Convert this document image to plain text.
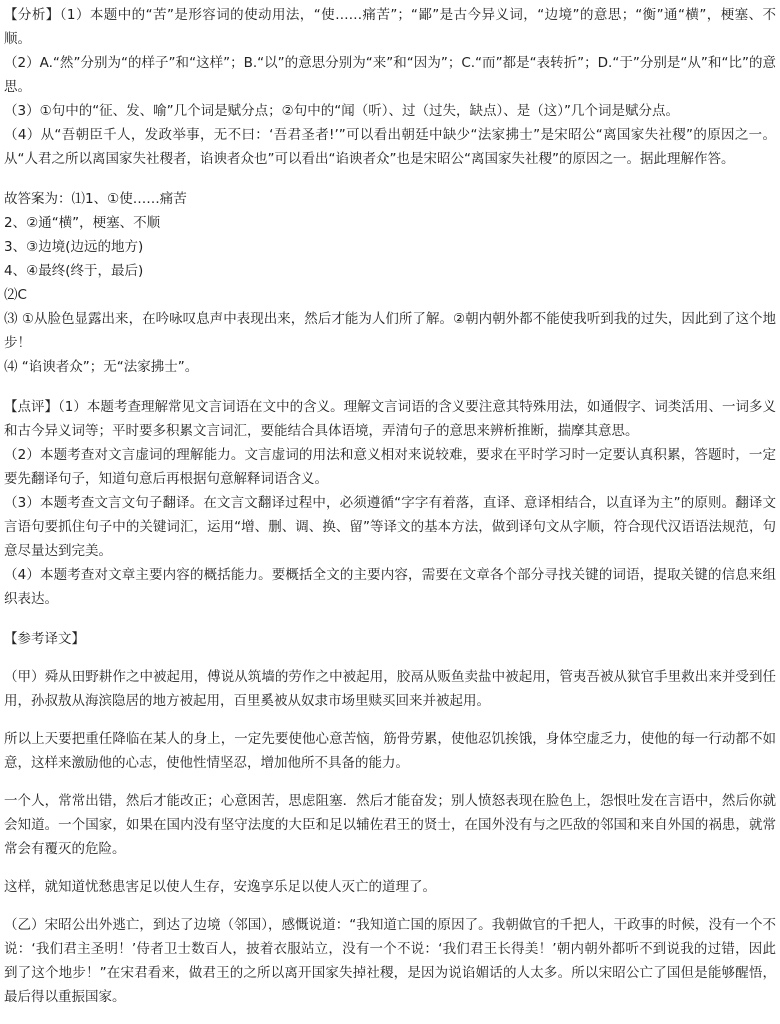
【分析】（1）本题中的“苦”是形容词的使动用法，“使……痛苦”；“鄙”是古今异义词，“边境”的意思；“衡”通“横”，梗塞、不顺。

（2）A.“然”分别为“的样子”和“这样”；B.“以”的意思分别为“来”和“因为”；C.“而”都是“表转折”；D.“于”分别是“从”和“比”的意思。

（3）①句中的“征、发、喻”几个词是赋分点；②句中的“闻（听）、过（过失，缺点）、是（这）”几个词是赋分点。

（4）从“吾朝臣千人，发政举事，无不曰：‘吾君圣者!’”可以看出朝廷中缺少“法家拂士”是宋昭公“离国家失社稷”的原因之一。从“人君之所以离国家失社稷者，谄谀者众也”可以看出“谄谀者众”也是宋昭公“离国家失社稷”的原因之一。据此理解作答。

故答案为：⑴1、①使……痛苦

2、②通“横”，梗塞、不顺

3、③边境(边远的地方)

4、④最终(终于，最后)

⑵C

⑶ ①从脸色显露出来，在吟咏叹息声中表现出来，然后才能为人们所了解。②朝内朝外都不能使我听到我的过失，因此到了这个地步！

⑷ “谄谀者众”；无“法家拂士”。

【点评】（1）本题考查理解常见文言词语在文中的含义。理解文言词语的含义要注意其特殊用法，如通假字、词类活用、一词多义和古今异义词等；平时要多积累文言词汇，要能结合具体语境，弄清句子的意思来辨析推断，揣摩其意思。

（2）本题考查对文言虚词的理解能力。文言虚词的用法和意义相对来说较难，要求在平时学习时一定要认真积累，答题时，一定要先翻译句子，知道句意后再根据句意解释词语含义。

（3）本题考查文言文句子翻译。在文言文翻译过程中，必须遵循“字字有着落，直译、意译相结合，以直译为主”的原则。翻译文言语句要抓住句子中的关键词汇，运用“增、删、调、换、留”等译文的基本方法，做到译句文从字顺，符合现代汉语语法规范，句意尽量达到完美。

（4）本题考查对文章主要内容的概括能力。要概括全文的主要内容，需要在文章各个部分寻找关键的词语，提取关键的信息来组织表达。

【参考译文】

（甲）舜从田野耕作之中被起用，傅说从筑墙的劳作之中被起用，胶鬲从贩鱼卖盐中被起用，管夷吾被从狱官手里救出来并受到任用，孙叔敖从海滨隐居的地方被起用，百里奚被从奴隶市场里赎买回来并被起用。

所以上天要把重任降临在某人的身上，一定先要使他心意苦恼，筋骨劳累，使他忍饥挨饿，身体空虚乏力，使他的每一行动都不如意，这样来激励他的心志，使他性情坚忍，增加他所不具备的能力。

一个人，常常出错，然后才能改正；心意困苦，思虑阻塞．然后才能奋发；别人愤怒表现在脸色上，怨恨吐发在言语中，然后你就会知道。一个国家，如果在国内没有坚守法度的大臣和足以辅佐君王的贤士，在国外没有与之匹敌的邻国和来自外国的祸患，就常常会有覆灭的危险。

这样，就知道忧愁患害足以使人生存，安逸享乐足以使人灭亡的道理了。

（乙）宋昭公出外逃亡，到达了边境（邻国），感慨说道：“我知道亡国的原因了。我朝做官的千把人，干政事的时候，没有一个不说：‘我们君主圣明！’侍者卫士数百人，披着衣服站立，没有一个不说：‘我们君王长得美！’朝内朝外都听不到说我的过错，因此到了这个地步！”在宋君看来，做君王的之所以离开国家失掉社稷，是因为说谄媚话的人太多。所以宋昭公亡了国但是能够醒悟，最后得以重振国家。
